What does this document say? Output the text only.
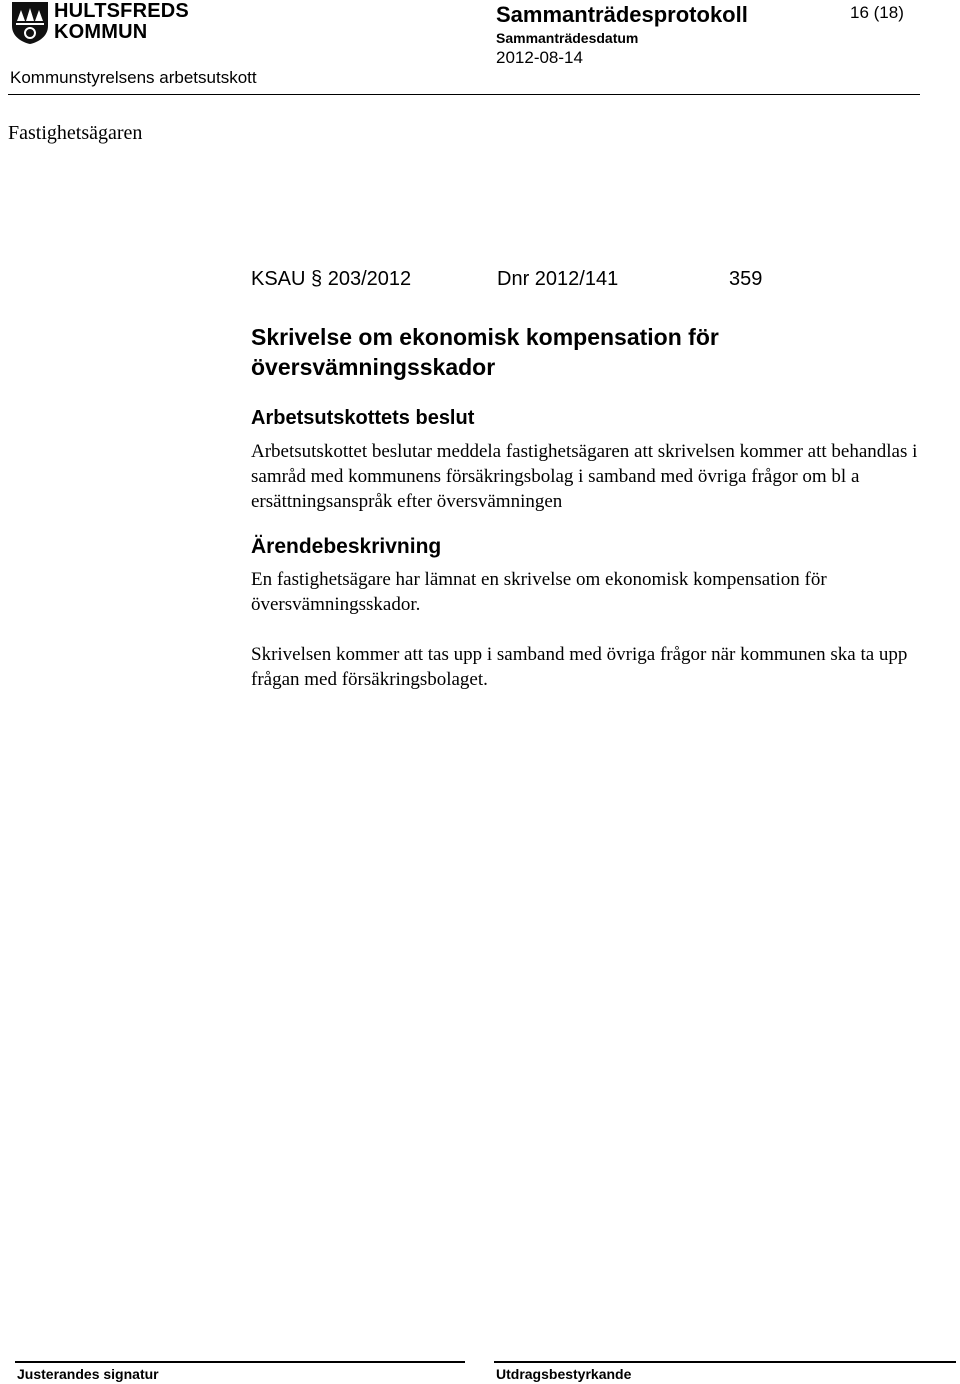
HULTSFREDS
KOMMUN
Kommunstyrelsens arbetsutskott
Sammanträdesprotokoll
Sammanträdesdatum
2012-08-14
16 (18)
Fastighetsägaren
KSAU § 203/2012	Dnr 2012/141	359
Skrivelse om ekonomisk kompensation för översvämningsskador
Arbetsutskottets beslut

Arbetsutskottet beslutar meddela fastighetsägaren att skrivelsen kommer att behandlas i samråd med kommunens försäkringsbolag i samband med övriga frågor om bl a ersättningsanspråk efter översvämningen

Ärendebeskrivning

En fastighetsägare har lämnat en skrivelse om ekonomisk kompensation för översvämningsskador.

Skrivelsen kommer att tas upp i samband med övriga frågor när kommunen ska ta upp frågan med försäkringsbolaget.

Justerandes signatur	Utdragsbestyrkande
